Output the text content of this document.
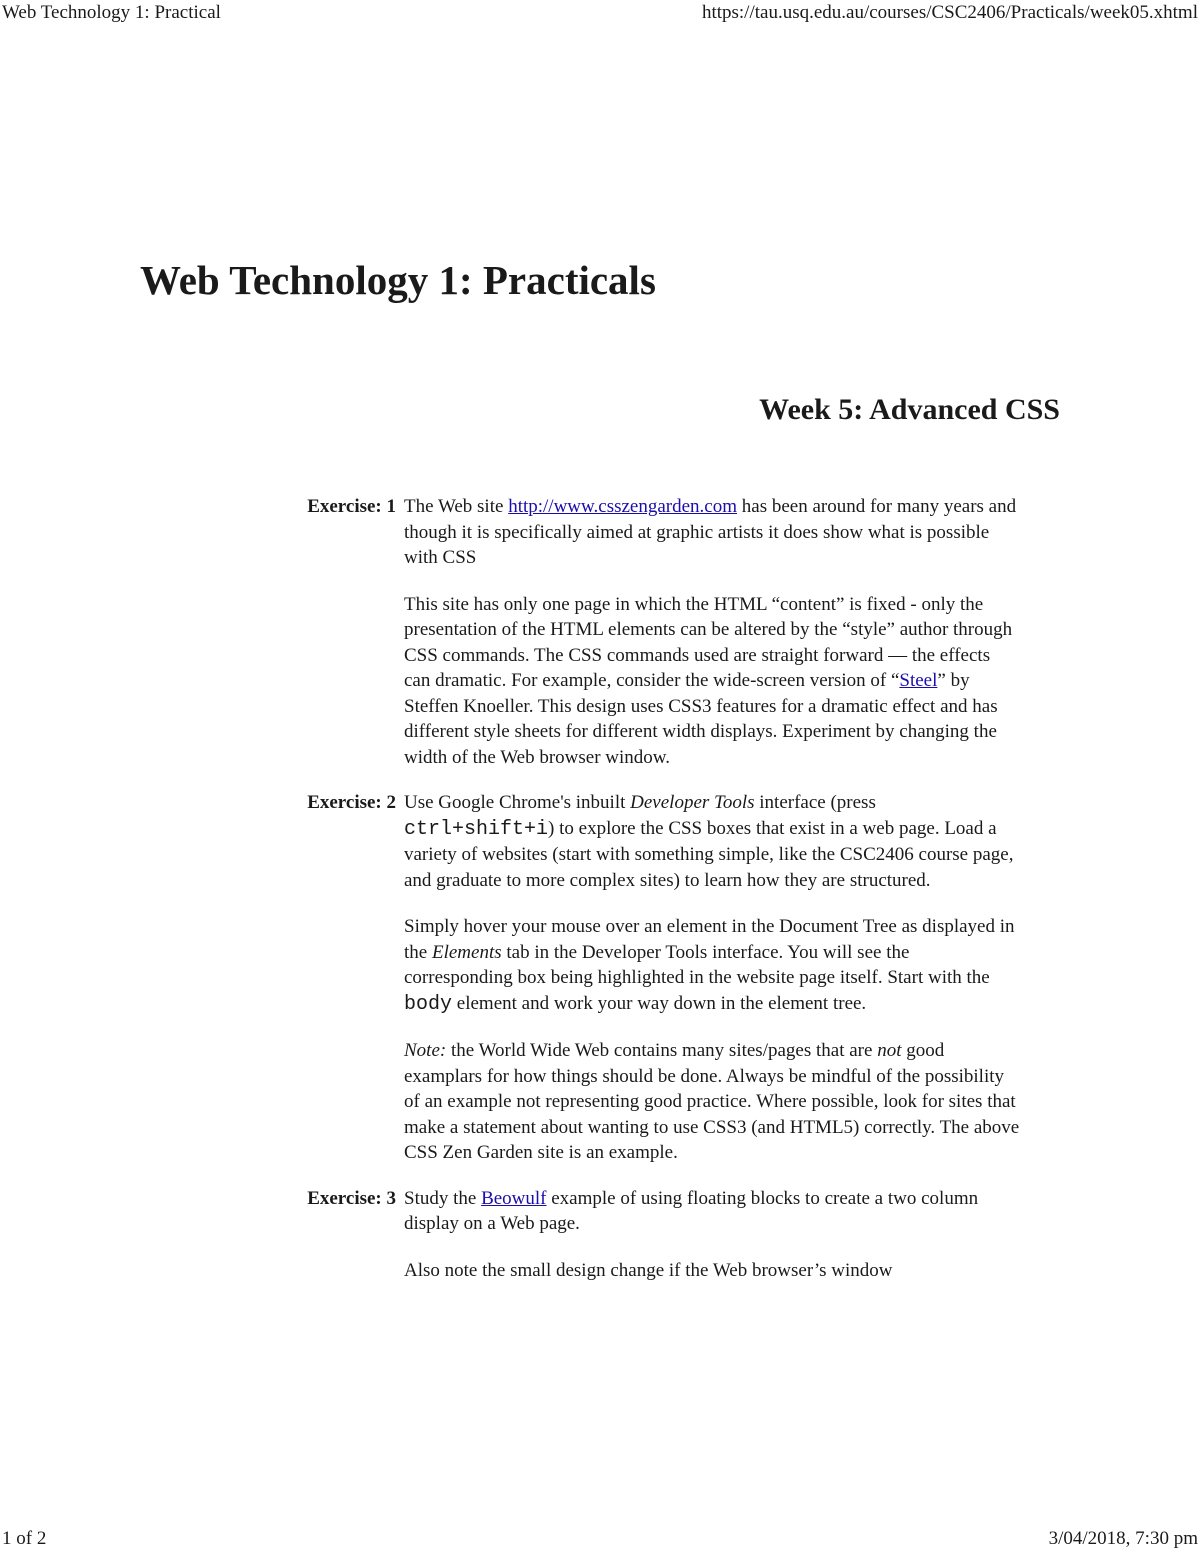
Web Technology 1: Practical	https://tau.usq.edu.au/courses/CSC2406/Practicals/week05.xhtml
Web Technology 1: Practicals
Week 5: Advanced CSS
Exercise: 1 The Web site http://www.csszengarden.com has been around for many years and though it is specifically aimed at graphic artists it does show what is possible with CSS

This site has only one page in which the HTML “content” is fixed - only the presentation of the HTML elements can be altered by the “style” author through CSS commands. The CSS commands used are straight forward — the effects can dramatic. For example, consider the wide-screen version of “Steel” by Steffen Knoeller. This design uses CSS3 features for a dramatic effect and has different style sheets for different width displays. Experiment by changing the width of the Web browser window.

Exercise: 2 Use Google Chrome's inbuilt Developer Tools interface (press ctrl+shift+i) to explore the CSS boxes that exist in a web page. Load a variety of websites (start with something simple, like the CSC2406 course page, and graduate to more complex sites) to learn how they are structured.

Simply hover your mouse over an element in the Document Tree as displayed in the Elements tab in the Developer Tools interface. You will see the corresponding box being highlighted in the website page itself. Start with the body element and work your way down in the element tree.

Note: the World Wide Web contains many sites/pages that are not good examplars for how things should be done. Always be mindful of the possibility of an example not representing good practice. Where possible, look for sites that make a statement about wanting to use CSS3 (and HTML5) correctly. The above CSS Zen Garden site is an example.

Exercise: 3 Study the Beowulf example of using floating blocks to create a two column display on a Web page.

Also note the small design change if the Web browser’s window

1 of 2	3/04/2018, 7:30 pm
